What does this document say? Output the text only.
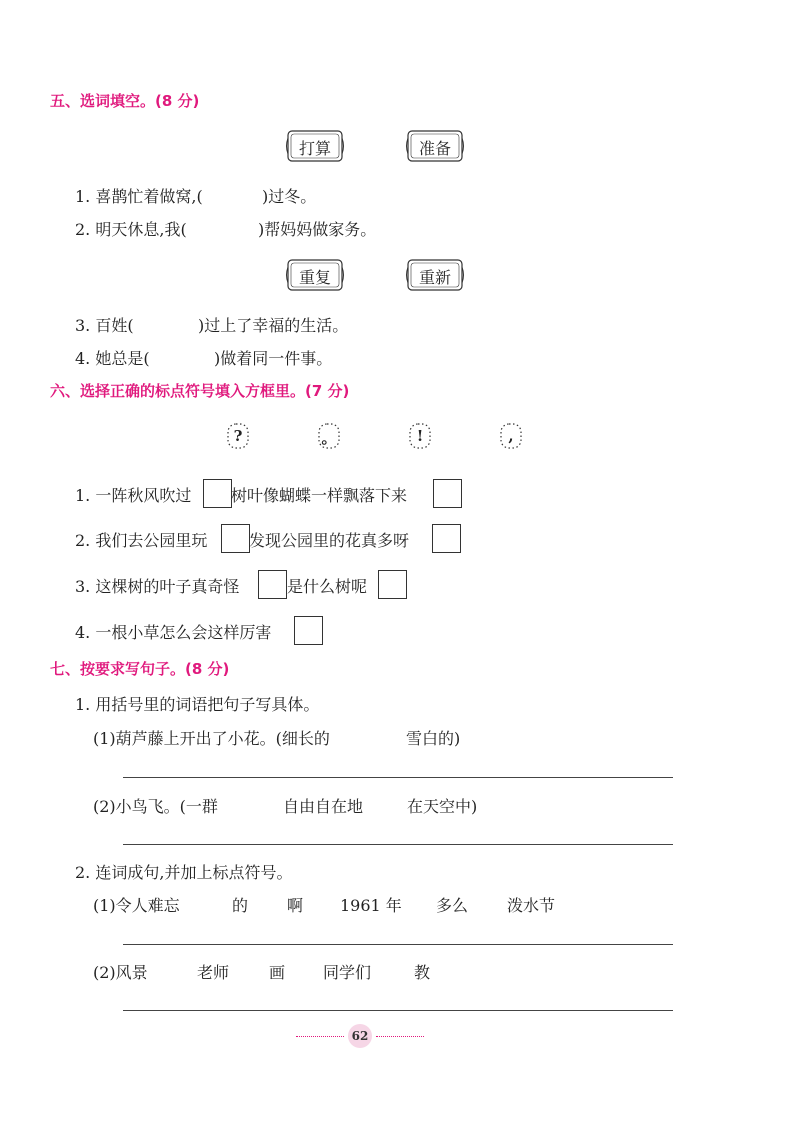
五、选词填空。(8 分)
打算	准备
1. 喜鹊忙着做窝,(	)过冬。
2. 明天休息,我(	)帮妈妈做家务。
重复	重新
3. 百姓(	)过上了幸福的生活。
4. 她总是(	)做着同一件事。
六、选择正确的标点符号填入方框里。(7 分)
?	。	!	,
1. 一阵秋风吹过 树叶像蝴蝶一样飘落下来
2. 我们去公园里玩	发现公园里的花真多呀
3. 这棵树的叶子真奇怪	是什么树呢
4. 一根小草怎么会这样厉害
七、按要求写句子。(8 分)
1. 用括号里的词语把句子写具体。
(1)葫芦藤上开出了小花。(细长的	雪白的)
(2)小鸟飞。(一群	自由自在地	在天空中)
2. 连词成句,并加上标点符号。
(1)令人难忘	的 啊 1961 年 多么 泼水节
(2)风景	老师 画 同学们	教
62
